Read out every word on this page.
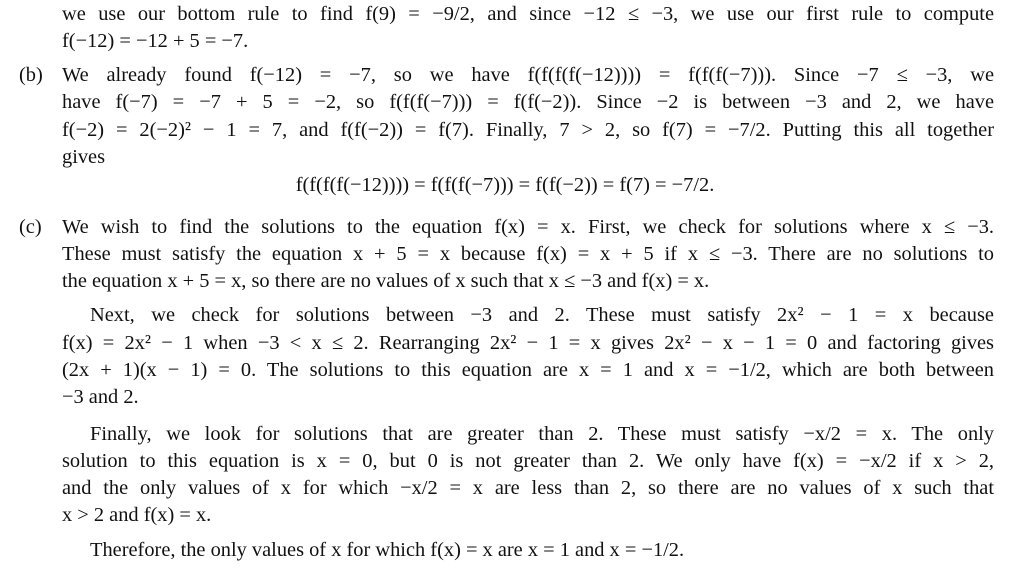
we use our bottom rule to find f(9) = −9/2, and since −12 ≤ −3, we use our first rule to compute
f(−12) = −12 + 5 = −7.
(b) We already found f(−12) = −7, so we have f(f(f(f(−12)))) = f(f(f(−7))). Since −7 ≤ −3, we
have f(−7) = −7 + 5 = −2, so f(f(f(−7))) = f(f(−2)). Since −2 is between −3 and 2, we have
f(−2) = 2(−2)² − 1 = 7, and f(f(−2)) = f(7). Finally, 7 > 2, so f(7) = −7/2. Putting this all together
gives
f(f(f(f(−12)))) = f(f(f(−7))) = f(f(−2)) = f(7) = −7/2.
(c) We wish to find the solutions to the equation f(x) = x. First, we check for solutions where x ≤ −3.
These must satisfy the equation x + 5 = x because f(x) = x + 5 if x ≤ −3. There are no solutions to
the equation x + 5 = x, so there are no values of x such that x ≤ −3 and f(x) = x.
Next, we check for solutions between −3 and 2. These must satisfy 2x² − 1 = x because
f(x) = 2x² − 1 when −3 < x ≤ 2. Rearranging 2x² − 1 = x gives 2x² − x − 1 = 0 and factoring gives
(2x + 1)(x − 1) = 0. The solutions to this equation are x = 1 and x = −1/2, which are both between
−3 and 2.
Finally, we look for solutions that are greater than 2. These must satisfy −x/2 = x. The only
solution to this equation is x = 0, but 0 is not greater than 2. We only have f(x) = −x/2 if x > 2,
and the only values of x for which −x/2 = x are less than 2, so there are no values of x such that
x > 2 and f(x) = x.
Therefore, the only values of x for which f(x) = x are x = 1 and x = −1/2.
